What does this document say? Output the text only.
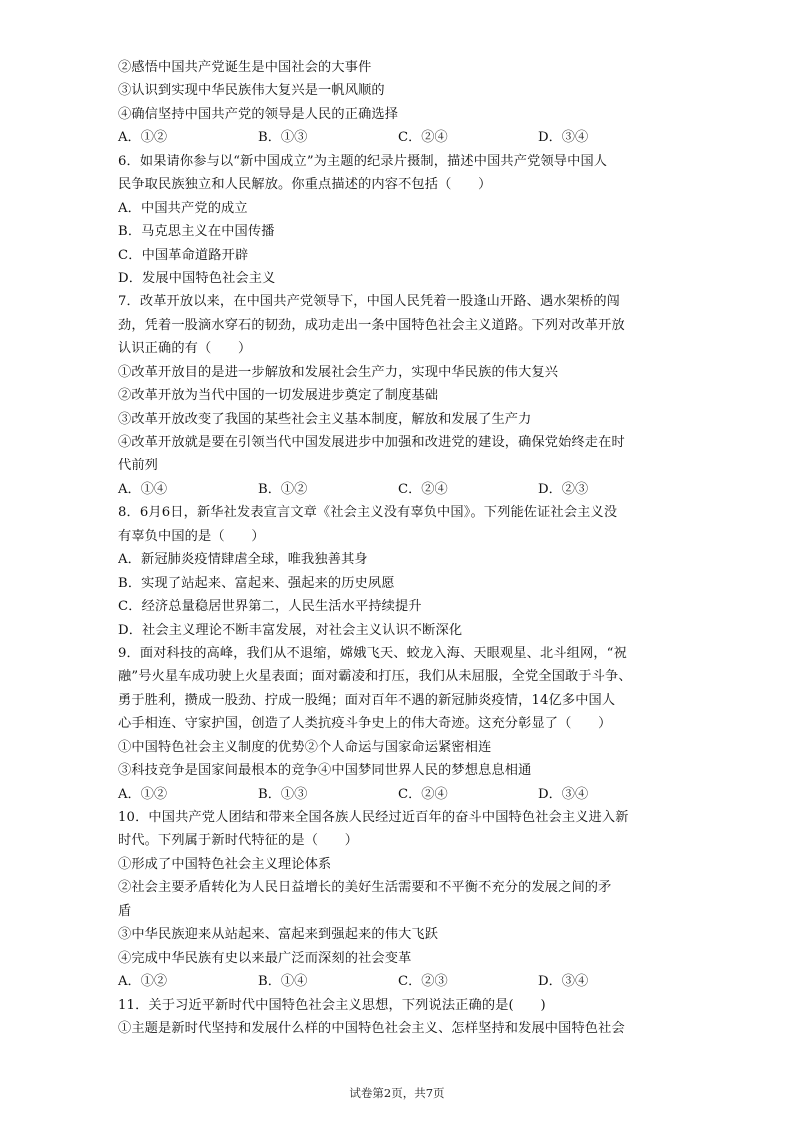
②感悟中国共产党诞生是中国社会的大事件
③认识到实现中华民族伟大复兴是一帆风顺的
④确信坚持中国共产党的领导是人民的正确选择
A．①②	B．①③	C．②④	D．③④
6．如果请你参与以“新中国成立”为主题的纪录片摄制，描述中国共产党领导中国人
民争取民族独立和人民解放。你重点描述的内容不包括（　　）
A．中国共产党的成立
B．马克思主义在中国传播
C．中国革命道路开辟
D．发展中国特色社会主义
7．改革开放以来，在中国共产党领导下，中国人民凭着一股逢山开路、遇水架桥的闯
劲，凭着一股滴水穿石的韧劲，成功走出一条中国特色社会主义道路。下列对改革开放
认识正确的有（　　）
①改革开放目的是进一步解放和发展社会生产力，实现中华民族的伟大复兴
②改革开放为当代中国的一切发展进步奠定了制度基础
③改革开放改变了我国的某些社会主义基本制度，解放和发展了生产力
④改革开放就是要在引领当代中国发展进步中加强和改进党的建设，确保党始终走在时
代前列
A．①④	B．①②	C．②④	D．②③
8．6月6日，新华社发表宣言文章《社会主义没有辜负中国》。下列能佐证社会主义没
有辜负中国的是（　　）
A．新冠肺炎疫情肆虐全球，唯我独善其身
B．实现了站起来、富起来、强起来的历史夙愿
C．经济总量稳居世界第二，人民生活水平持续提升
D．社会主义理论不断丰富发展，对社会主义认识不断深化
9．面对科技的高峰，我们从不退缩，嫦娥飞天、蛟龙入海、天眼观星、北斗组网，“祝
融”号火星车成功驶上火星表面；面对霸凌和打压，我们从未屈服，全党全国敢于斗争、
勇于胜利，攒成一股劲、拧成一股绳；面对百年不遇的新冠肺炎疫情，14亿多中国人
心手相连、守家护国，创造了人类抗疫斗争史上的伟大奇迹。这充分彰显了（　　）
①中国特色社会主义制度的优势②个人命运与国家命运紧密相连
③科技竞争是国家间最根本的竞争④中国梦同世界人民的梦想息息相通
A．①②	B．①③	C．②④	D．③④
10．中国共产党人团结和带来全国各族人民经过近百年的奋斗中国特色社会主义进入新
时代。下列属于新时代特征的是（　　）
①形成了中国特色社会主义理论体系
②社会主要矛盾转化为人民日益增长的美好生活需要和不平衡不充分的发展之间的矛
盾
③中华民族迎来从站起来、富起来到强起来的伟大飞跃
④完成中华民族有史以来最广泛而深刻的社会变革
A．①②	B．①④	C．②③	D．③④
11．关于习近平新时代中国特色社会主义思想，下列说法正确的是(　　)
①主题是新时代坚持和发展什么样的中国特色社会主义、怎样坚持和发展中国特色社会
试卷第2页，共7页
